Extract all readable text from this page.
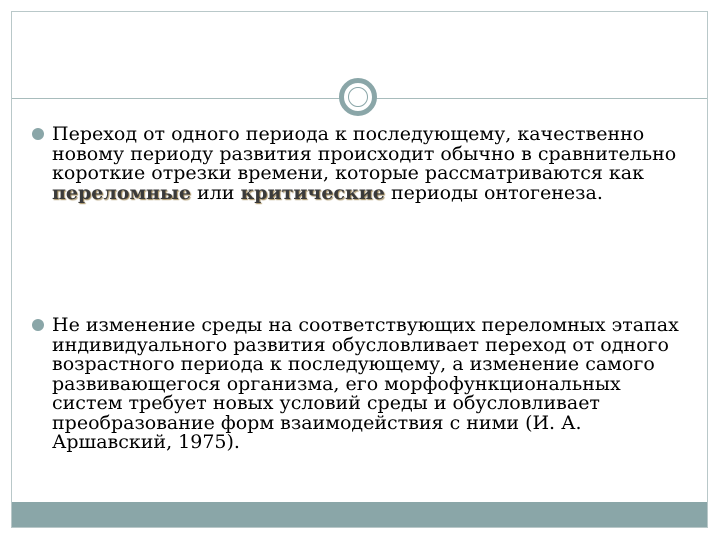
Переход от одного периода к последующему, качественно новому периоду развития происходит обычно в сравнительно короткие отрезки времени, которые рассматриваются как переломные или критические периоды онтогенеза.
Не изменение среды на соответствующих переломных этапах индивидуального развития обусловливает переход от одного возрастного периода к последующему, а изменение самого развивающегося организма, его морфофункциональных систем требует новых условий среды и обусловливает преобразование форм взаимодействия с ними (И. А. Аршавский, 1975).
